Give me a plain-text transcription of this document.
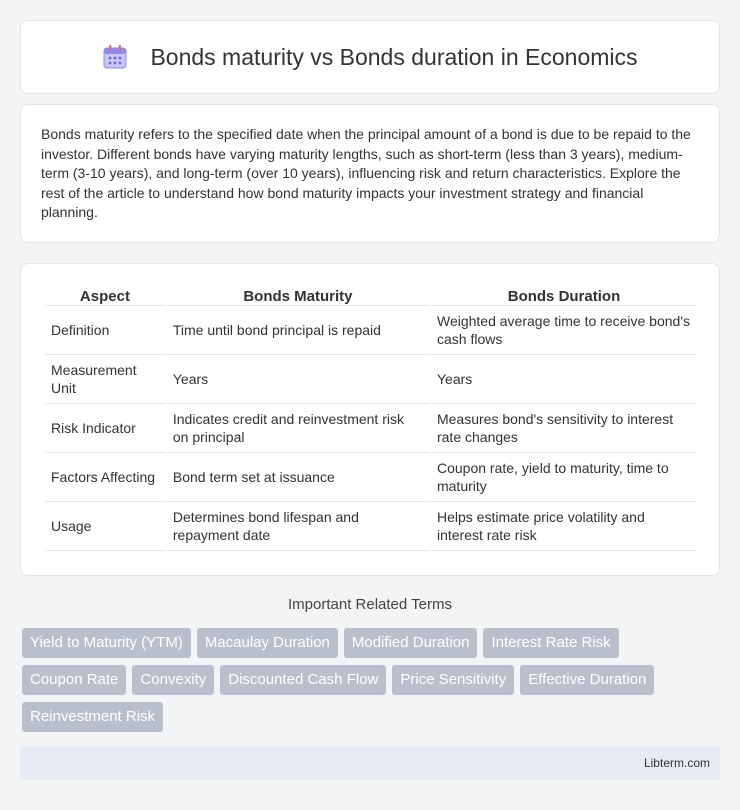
Bonds maturity vs Bonds duration in Economics

Bonds maturity refers to the specified date when the principal amount of a bond is due to be repaid to the investor. Different bonds have varying maturity lengths, such as short-term (less than 3 years), medium-term (3-10 years), and long-term (over 10 years), influencing risk and return characteristics. Explore the rest of the article to understand how bond maturity impacts your investment strategy and financial planning.

Aspect	Bonds Maturity	Bonds Duration
Definition	Time until bond principal is repaid	Weighted average time to receive bond's cash flows
Measurement Unit	Years	Years
Risk Indicator	Indicates credit and reinvestment risk on principal	Measures bond's sensitivity to interest rate changes
Factors Affecting	Bond term set at issuance	Coupon rate, yield to maturity, time to maturity
Usage	Determines bond lifespan and repayment date	Helps estimate price volatility and interest rate risk
Important Related Terms
Yield to Maturity (YTM)	Macaulay Duration	Modified Duration	Interest Rate Risk
Coupon Rate	Convexity	Discounted Cash Flow	Price Sensitivity	Effective Duration
Reinvestment Risk
Libterm.com
